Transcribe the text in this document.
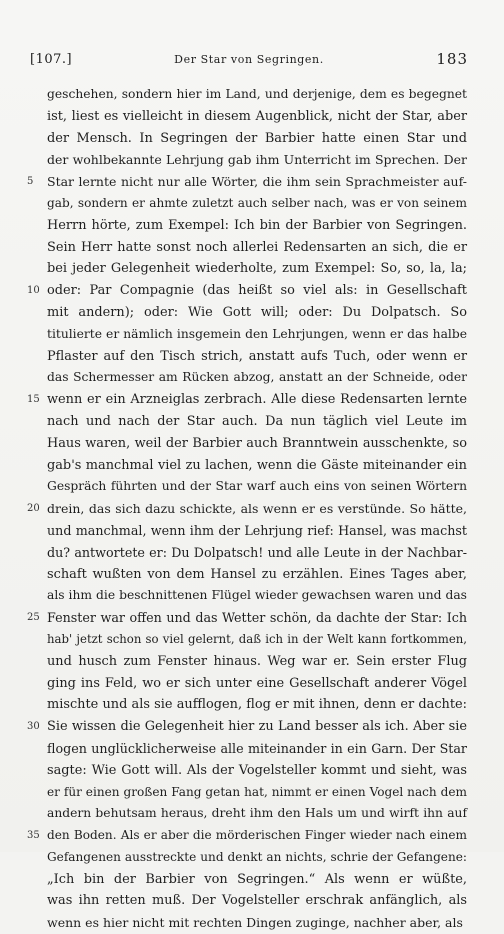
[107.]	Der Star von Segringen.	183
geschehen, sondern hier im Land, und derjenige, dem es begegnet
ist, liest es vielleicht in diesem Augenblick, nicht der Star, aber
der Mensch. In Segringen der Barbier hatte einen Star und
der wohlbekannte Lehrjung gab ihm Unterricht im Sprechen. Der
5 Star lernte nicht nur alle Wörter, die ihm sein Sprachmeister auf-
gab, sondern er ahmte zuletzt auch selber nach, was er von seinem
Herrn hörte, zum Exempel: Ich bin der Barbier von Segringen.
Sein Herr hatte sonst noch allerlei Redensarten an sich, die er
bei jeder Gelegenheit wiederholte, zum Exempel: So, so, la, la;
10 oder: Par Compagnie (das heißt so viel als: in Gesellschaft
mit andern); oder: Wie Gott will; oder: Du Dolpatsch. So
titulierte er nämlich insgemein den Lehrjungen, wenn er das halbe
Pflaster auf den Tisch strich, anstatt aufs Tuch, oder wenn er
das Schermesser am Rücken abzog, anstatt an der Schneide, oder
15 wenn er ein Arzneiglas zerbrach. Alle diese Redensarten lernte
nach und nach der Star auch. Da nun täglich viel Leute im
Haus waren, weil der Barbier auch Branntwein ausschenkte, so
gab's manchmal viel zu lachen, wenn die Gäste miteinander ein
Gespräch führten und der Star warf auch eins von seinen Wörtern
20 drein, das sich dazu schickte, als wenn er es verstünde. So hätte,
und manchmal, wenn ihm der Lehrjung rief: Hansel, was machst
du? antwortete er: Du Dolpatsch! und alle Leute in der Nachbar-
schaft wußten von dem Hansel zu erzählen. Eines Tages aber,
als ihm die beschnittenen Flügel wieder gewachsen waren und das
25 Fenster war offen und das Wetter schön, da dachte der Star: Ich
hab' jetzt schon so viel gelernt, daß ich in der Welt kann fortkommen,
und husch zum Fenster hinaus. Weg war er. Sein erster Flug
ging ins Feld, wo er sich unter eine Gesellschaft anderer Vögel
mischte und als sie aufflogen, flog er mit ihnen, denn er dachte:
30 Sie wissen die Gelegenheit hier zu Land besser als ich. Aber sie
flogen unglücklicherweise alle miteinander in ein Garn. Der Star
sagte: Wie Gott will. Als der Vogelsteller kommt und sieht, was
er für einen großen Fang getan hat, nimmt er einen Vogel nach dem
andern behutsam heraus, dreht ihm den Hals um und wirft ihn auf
35 den Boden. Als er aber die mörderischen Finger wieder nach einem
Gefangenen ausstreckte und denkt an nichts, schrie der Gefangene:
„Ich bin der Barbier von Segringen.“ Als wenn er wüßte,
was ihn retten muß. Der Vogelsteller erschrak anfänglich, als
wenn es hier nicht mit rechten Dingen zuginge, nachher aber, als
